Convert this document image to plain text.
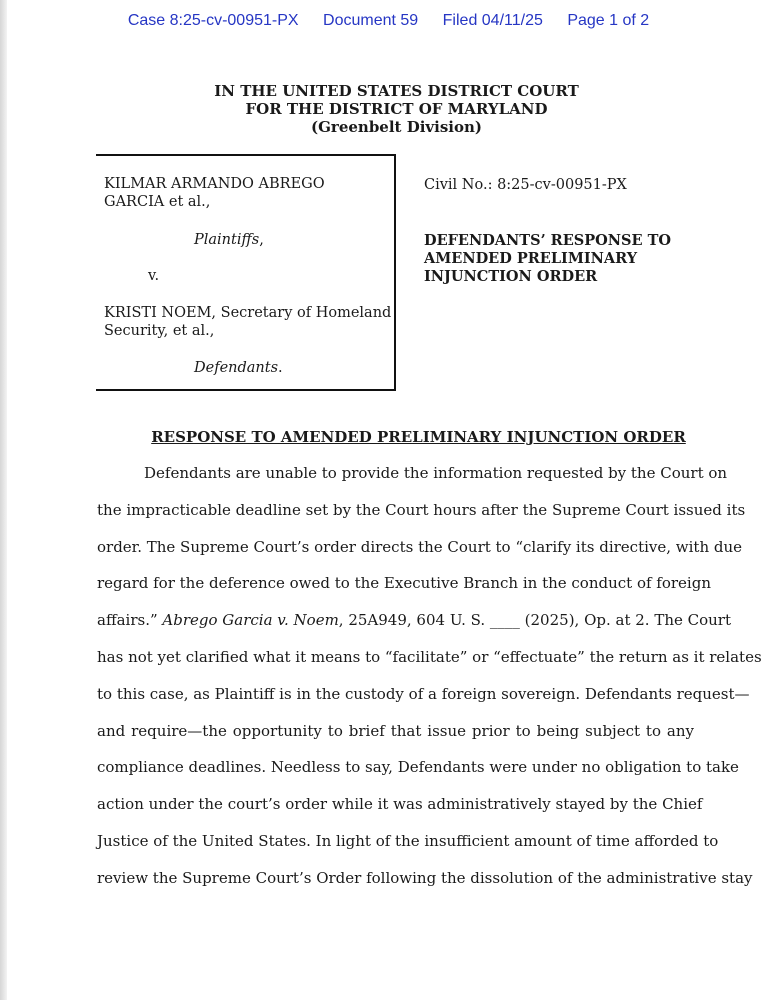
Case 8:25-cv-00951-PX Document 59 Filed 04/11/25 Page 1 of 2
IN THE UNITED STATES DISTRICT COURT
FOR THE DISTRICT OF MARYLAND
(Greenbelt Division)
KILMAR ARMANDO ABREGO
GARCIA et al.,
Plaintiffs,
v.
KRISTI NOEM, Secretary of Homeland
Security, et al.,
Defendants.
Civil No.: 8:25-cv-00951-PX
DEFENDANTS’ RESPONSE TO
AMENDED PRELIMINARY
INJUNCTION ORDER
RESPONSE TO AMENDED PRELIMINARY INJUNCTION ORDER
Defendants are unable to provide the information requested by the Court on
the impracticable deadline set by the Court hours after the Supreme Court issued its
order. The Supreme Court’s order directs the Court to “clarify its directive, with due
regard for the deference owed to the Executive Branch in the conduct of foreign
affairs.” Abrego Garcia v. Noem, 25A949, 604 U. S. ____ (2025), Op. at 2. The Court
has not yet clarified what it means to “facilitate” or “effectuate” the return as it relates
to this case, as Plaintiff is in the custody of a foreign sovereign. Defendants request—
and require—the opportunity to brief that issue prior to being subject to any
compliance deadlines. Needless to say, Defendants were under no obligation to take
action under the court’s order while it was administratively stayed by the Chief
Justice of the United States. In light of the insufficient amount of time afforded to
review the Supreme Court’s Order following the dissolution of the administrative stay
